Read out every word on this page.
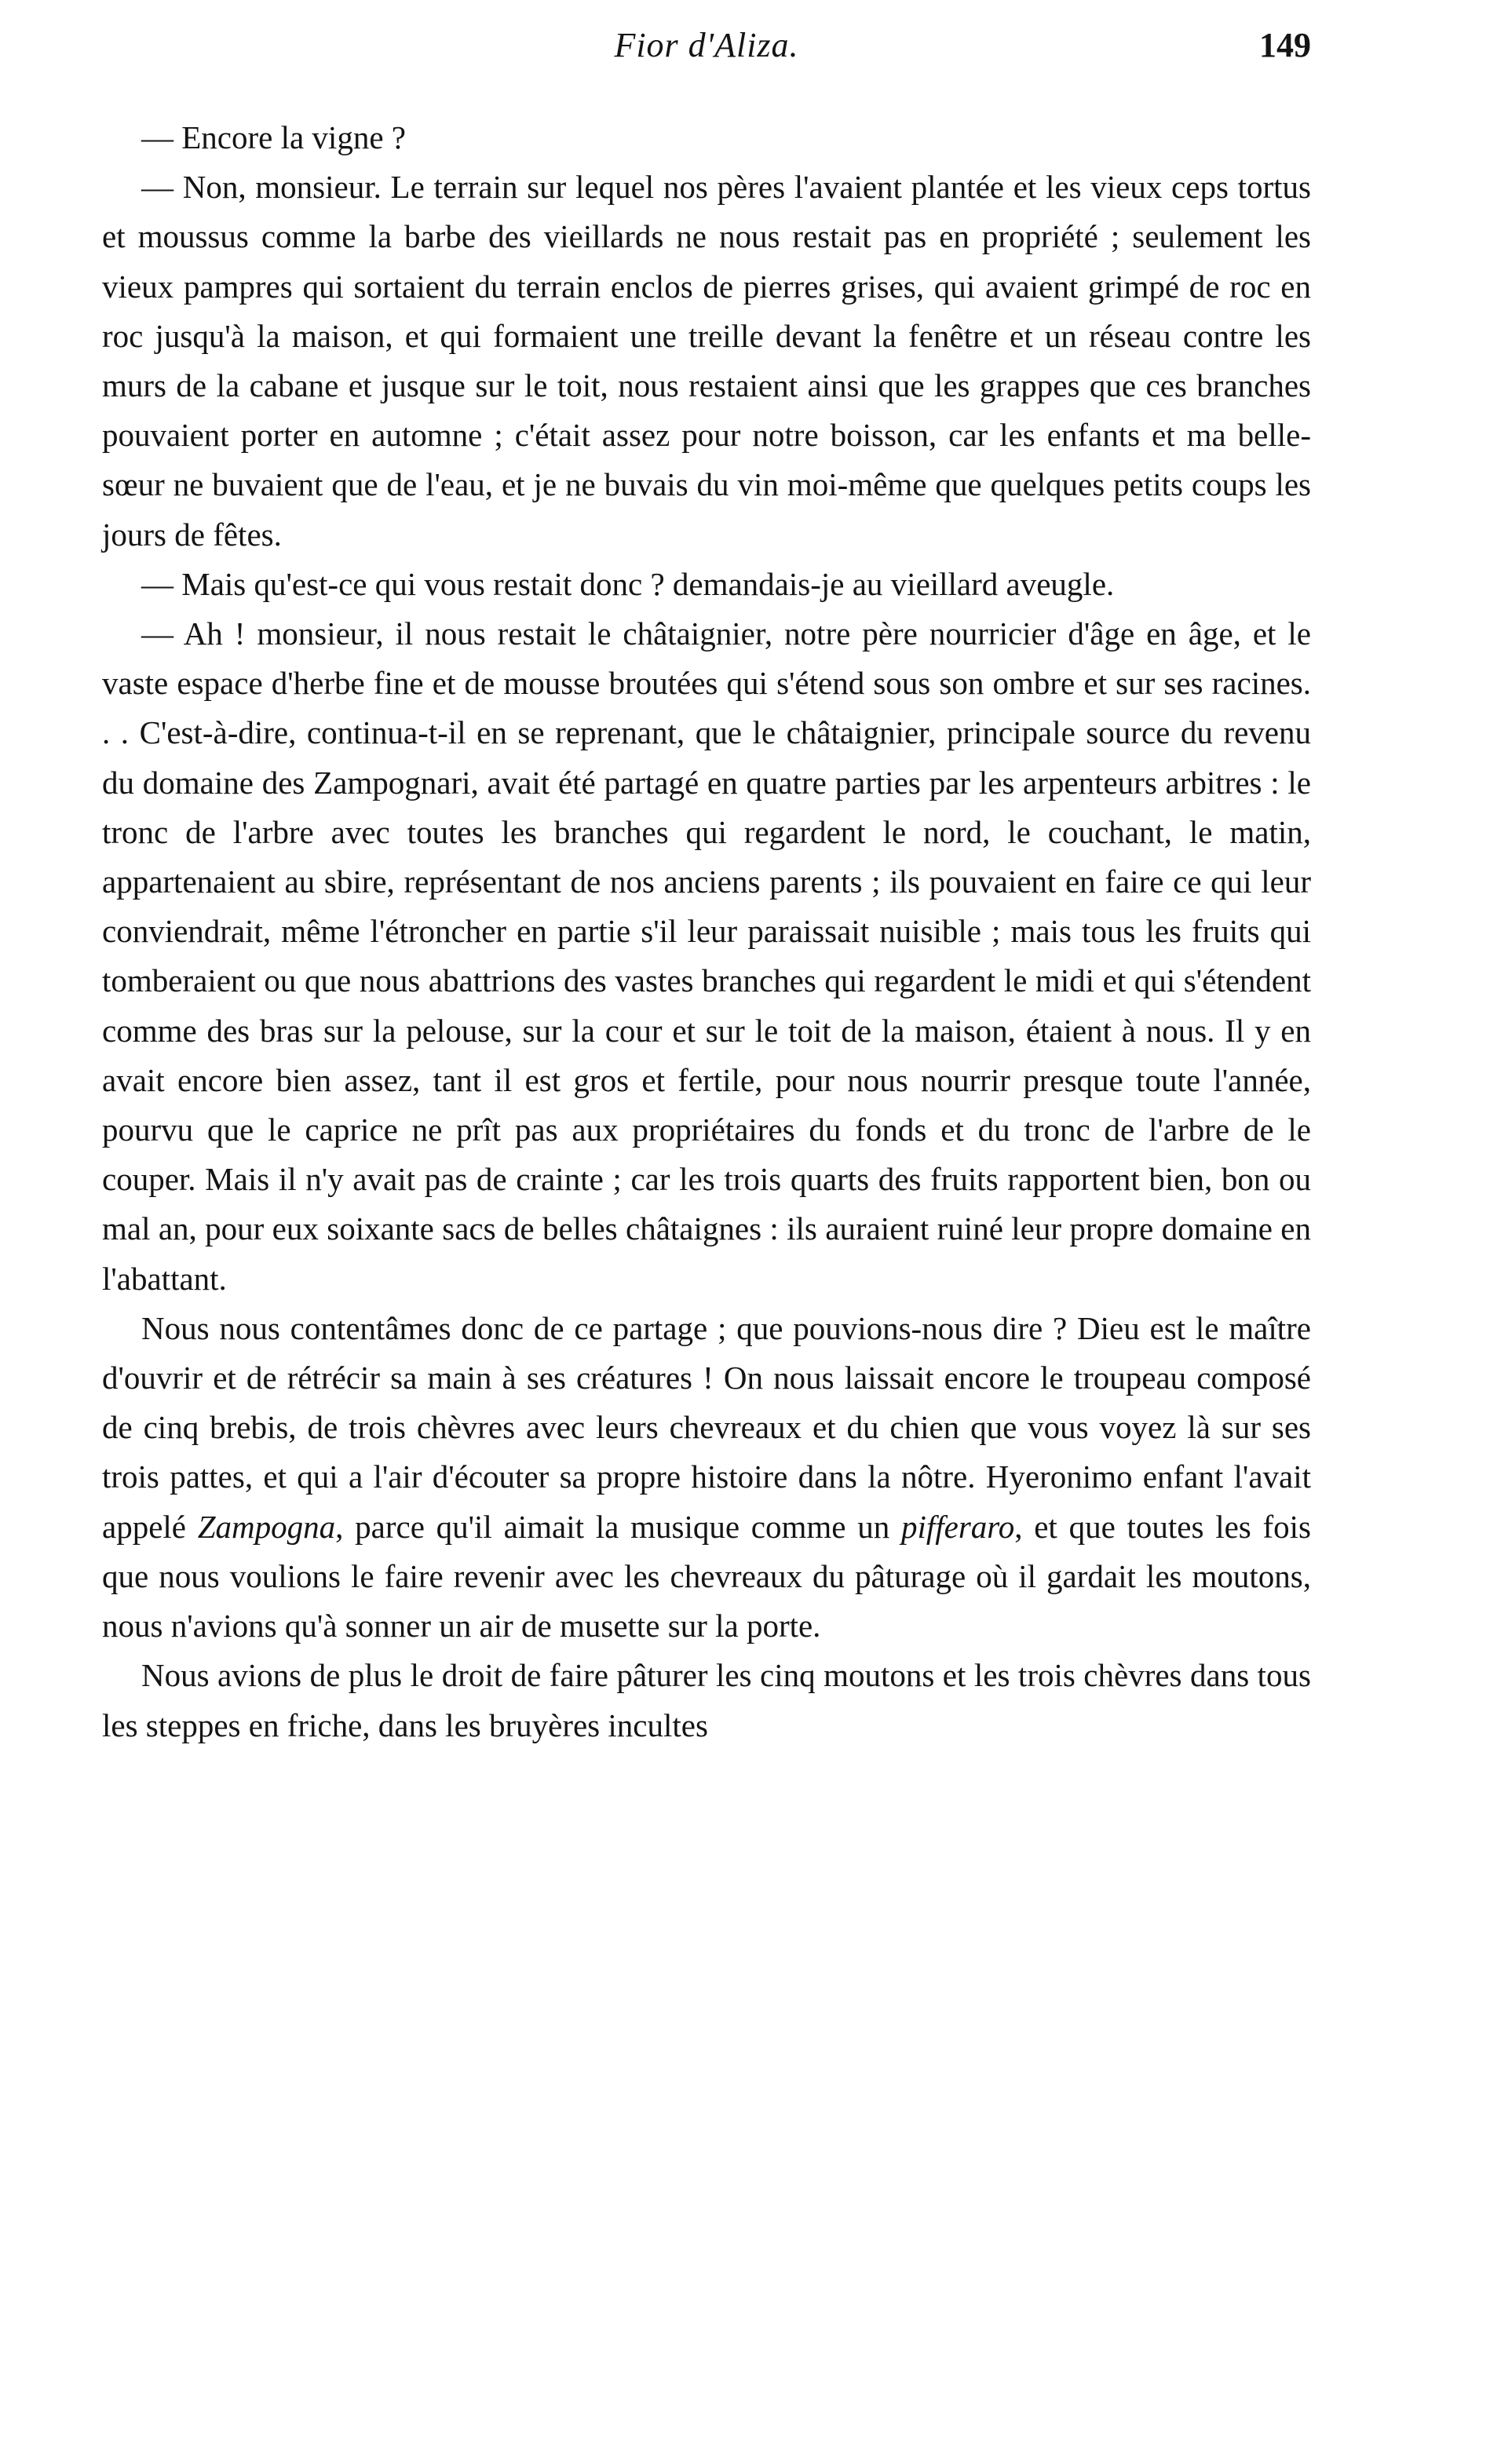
Fior d'Aliza.	149

— Encore la vigne ?

— Non, monsieur. Le terrain sur lequel nos pères l'avaient plantée et les vieux ceps tortus et moussus comme la barbe des vieillards ne nous restait pas en propriété ; seulement les vieux pampres qui sortaient du terrain enclos de pierres grises, qui avaient grimpé de roc en roc jusqu'à la maison, et qui formaient une treille devant la fenêtre et un réseau contre les murs de la cabane et jusque sur le toit, nous restaient ainsi que les grappes que ces branches pouvaient porter en automne ; c'était assez pour notre boisson, car les enfants et ma belle-sœur ne buvaient que de l'eau, et je ne buvais du vin moi-même que quelques petits coups les jours de fêtes.

— Mais qu'est-ce qui vous restait donc ? demandais-je au vieillard aveugle.

— Ah ! monsieur, il nous restait le châtaignier, notre père nourricier d'âge en âge, et le vaste espace d'herbe fine et de mousse broutées qui s'étend sous son ombre et sur ses racines. . . C'est-à-dire, continua-t-il en se reprenant, que le châtaignier, principale source du revenu du domaine des Zampognari, avait été partagé en quatre parties par les arpenteurs arbitres : le tronc de l'arbre avec toutes les branches qui regardent le nord, le couchant, le matin, appartenaient au sbire, représentant de nos anciens parents ; ils pouvaient en faire ce qui leur conviendrait, même l'étroncher en partie s'il leur paraissait nuisible ; mais tous les fruits qui tomberaient ou que nous abattrions des vastes branches qui regardent le midi et qui s'étendent comme des bras sur la pelouse, sur la cour et sur le toit de la maison, étaient à nous. Il y en avait encore bien assez, tant il est gros et fertile, pour nous nourrir presque toute l'année, pourvu que le caprice ne prît pas aux propriétaires du fonds et du tronc de l'arbre de le couper. Mais il n'y avait pas de crainte ; car les trois quarts des fruits rapportent bien, bon ou mal an, pour eux soixante sacs de belles châtaignes : ils auraient ruiné leur propre domaine en l'abattant.

Nous nous contentâmes donc de ce partage ; que pouvions-nous dire ? Dieu est le maître d'ouvrir et de rétrécir sa main à ses créatures ! On nous laissait encore le troupeau composé de cinq brebis, de trois chèvres avec leurs chevreaux et du chien que vous voyez là sur ses trois pattes, et qui a l'air d'écouter sa propre histoire dans la nôtre. Hyeronimo enfant l'avait appelé Zampogna, parce qu'il aimait la musique comme un pifferaro, et que toutes les fois que nous voulions le faire revenir avec les chevreaux du pâturage où il gardait les moutons, nous n'avions qu'à sonner un air de musette sur la porte.

Nous avions de plus le droit de faire pâturer les cinq moutons et les trois chèvres dans tous les steppes en friche, dans les bruyères incultes
